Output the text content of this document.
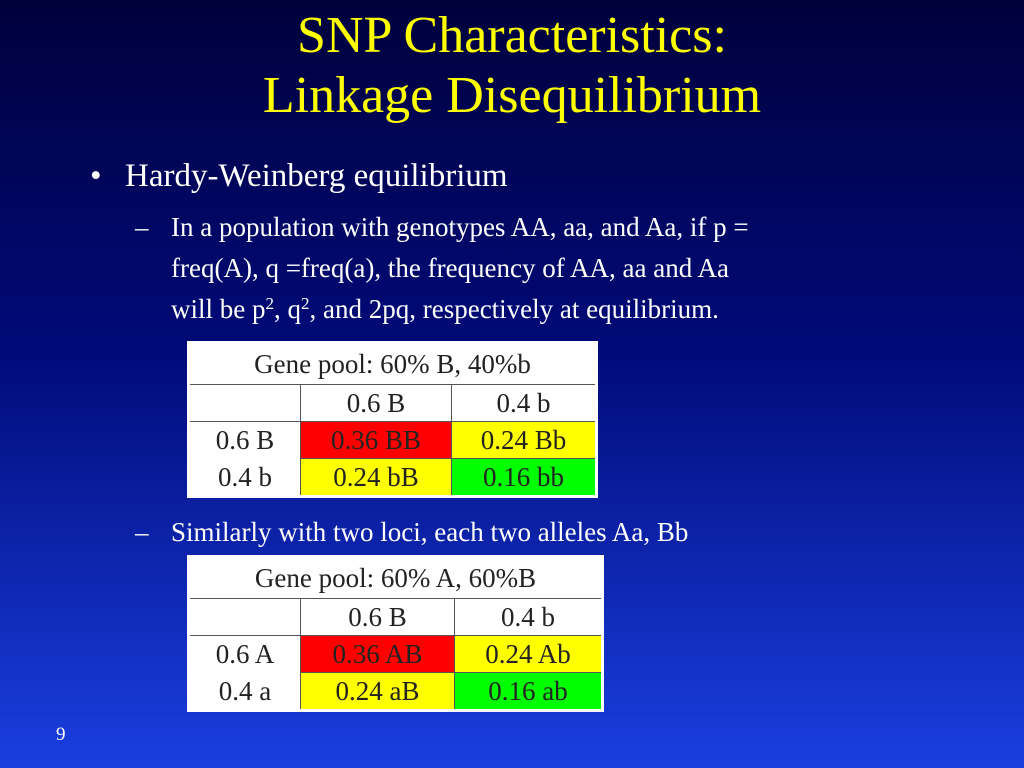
SNP Characteristics:
Linkage Disequilibrium
• Hardy-Weinberg equilibrium
– In a population with genotypes AA, aa, and Aa, if p =
freq(A), q =freq(a), the frequency of AA, aa and Aa
will be $p^2$, $q^2$, and 2pq, respectively at equilibrium.
Gene pool: 60% B, 40%b		
	0.6 B	0.4 b
0.6 B	0.36 BB	0.24 Bb
0.4 b	0.24 bB	0.16 bb
– Similarly with two loci, each two alleles Aa, Bb
Gene pool: 60% A, 60%B		
	0.6 B	0.4 b
0.6 A	0.36 AB	0.24 Ab
0.4 a	0.24 aB	0.16 ab
9
